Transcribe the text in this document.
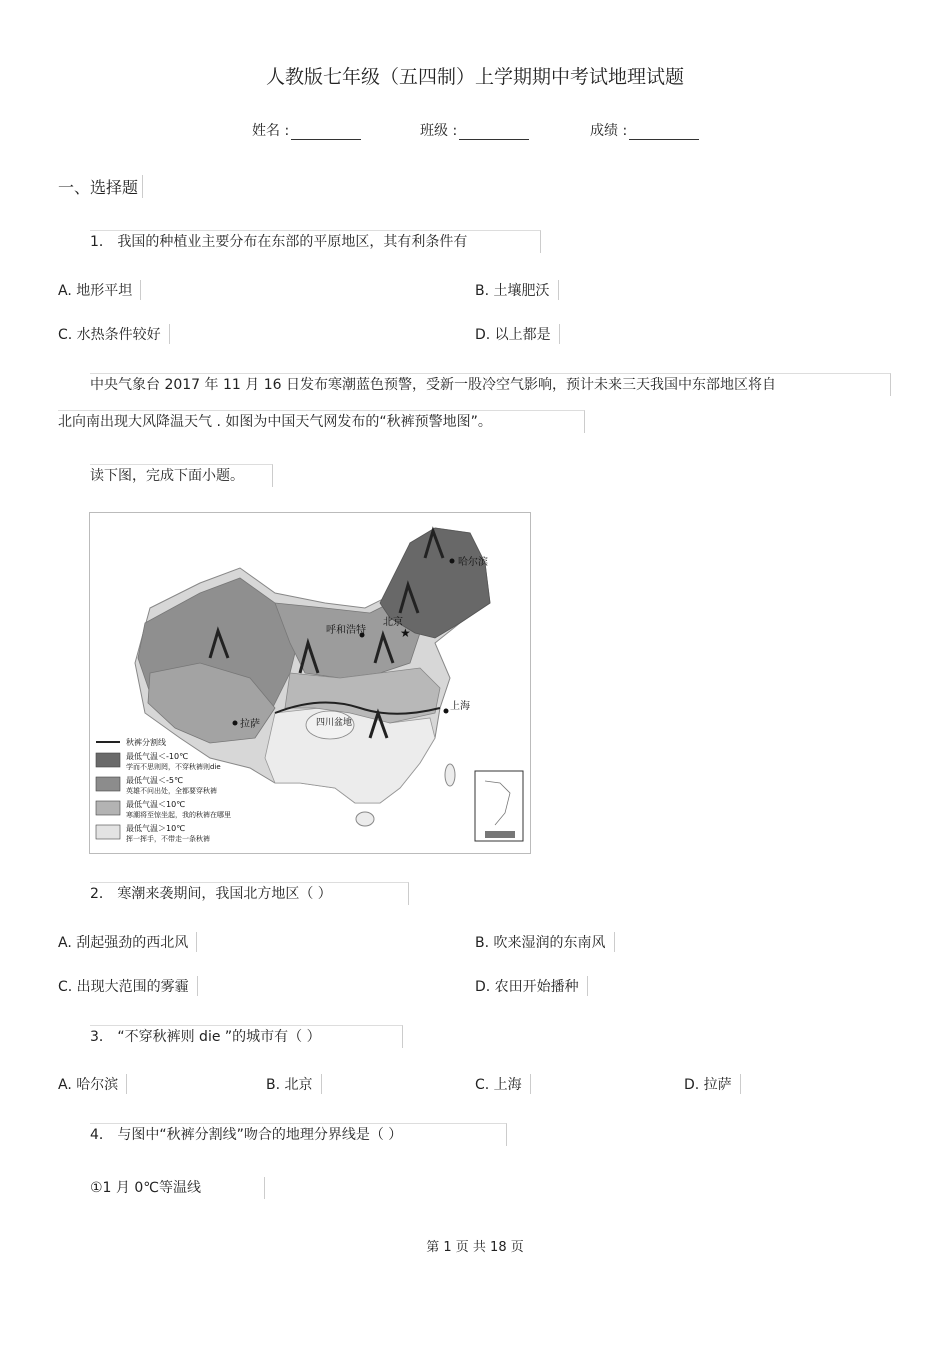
人教版七年级（五四制）上学期期中考试地理试题
姓名 :	班级 :	成绩 :
一、选择题
1． 我国的种植业主要分布在东部的平原地区，其有利条件有
A. 地形平坦	B. 土壤肥沃
C. 水热条件较好	D. 以上都是
中央气象台 2017 年 11 月 16 日发布寒潮蓝色预警，受新一股冷空气影响，预计未来三天我国中东部地区将自
北向南出现大风降温天气 . 如图为中国天气网发布的“秋裤预警地图”。
读下图，完成下面小题。
哈尔滨
呼和浩特	★
北京
上海
拉萨	四川盆地
秋裤分割线
最低气温＜-10℃
学而不思则罔，不穿秋裤则die
最低气温＜-5℃
英雄不问出处，全都要穿秋裤
最低气温＜10℃
寒潮将至惊坐起，我的秋裤在哪里
最低气温＞10℃
挥一挥手，不带走一条秋裤
2． 寒潮来袭期间，我国北方地区（ ）
A. 刮起强劲的西北风	B. 吹来湿润的东南风
C. 出现大范围的雾霾	D. 农田开始播种
3． “不穿秋裤则 die ”的城市有（ ）
A. 哈尔滨	B. 北京	C. 上海	D. 拉萨
4． 与图中“秋裤分割线”吻合的地理分界线是（ ）
①1 月 0℃等温线
第 1 页 共 18 页
